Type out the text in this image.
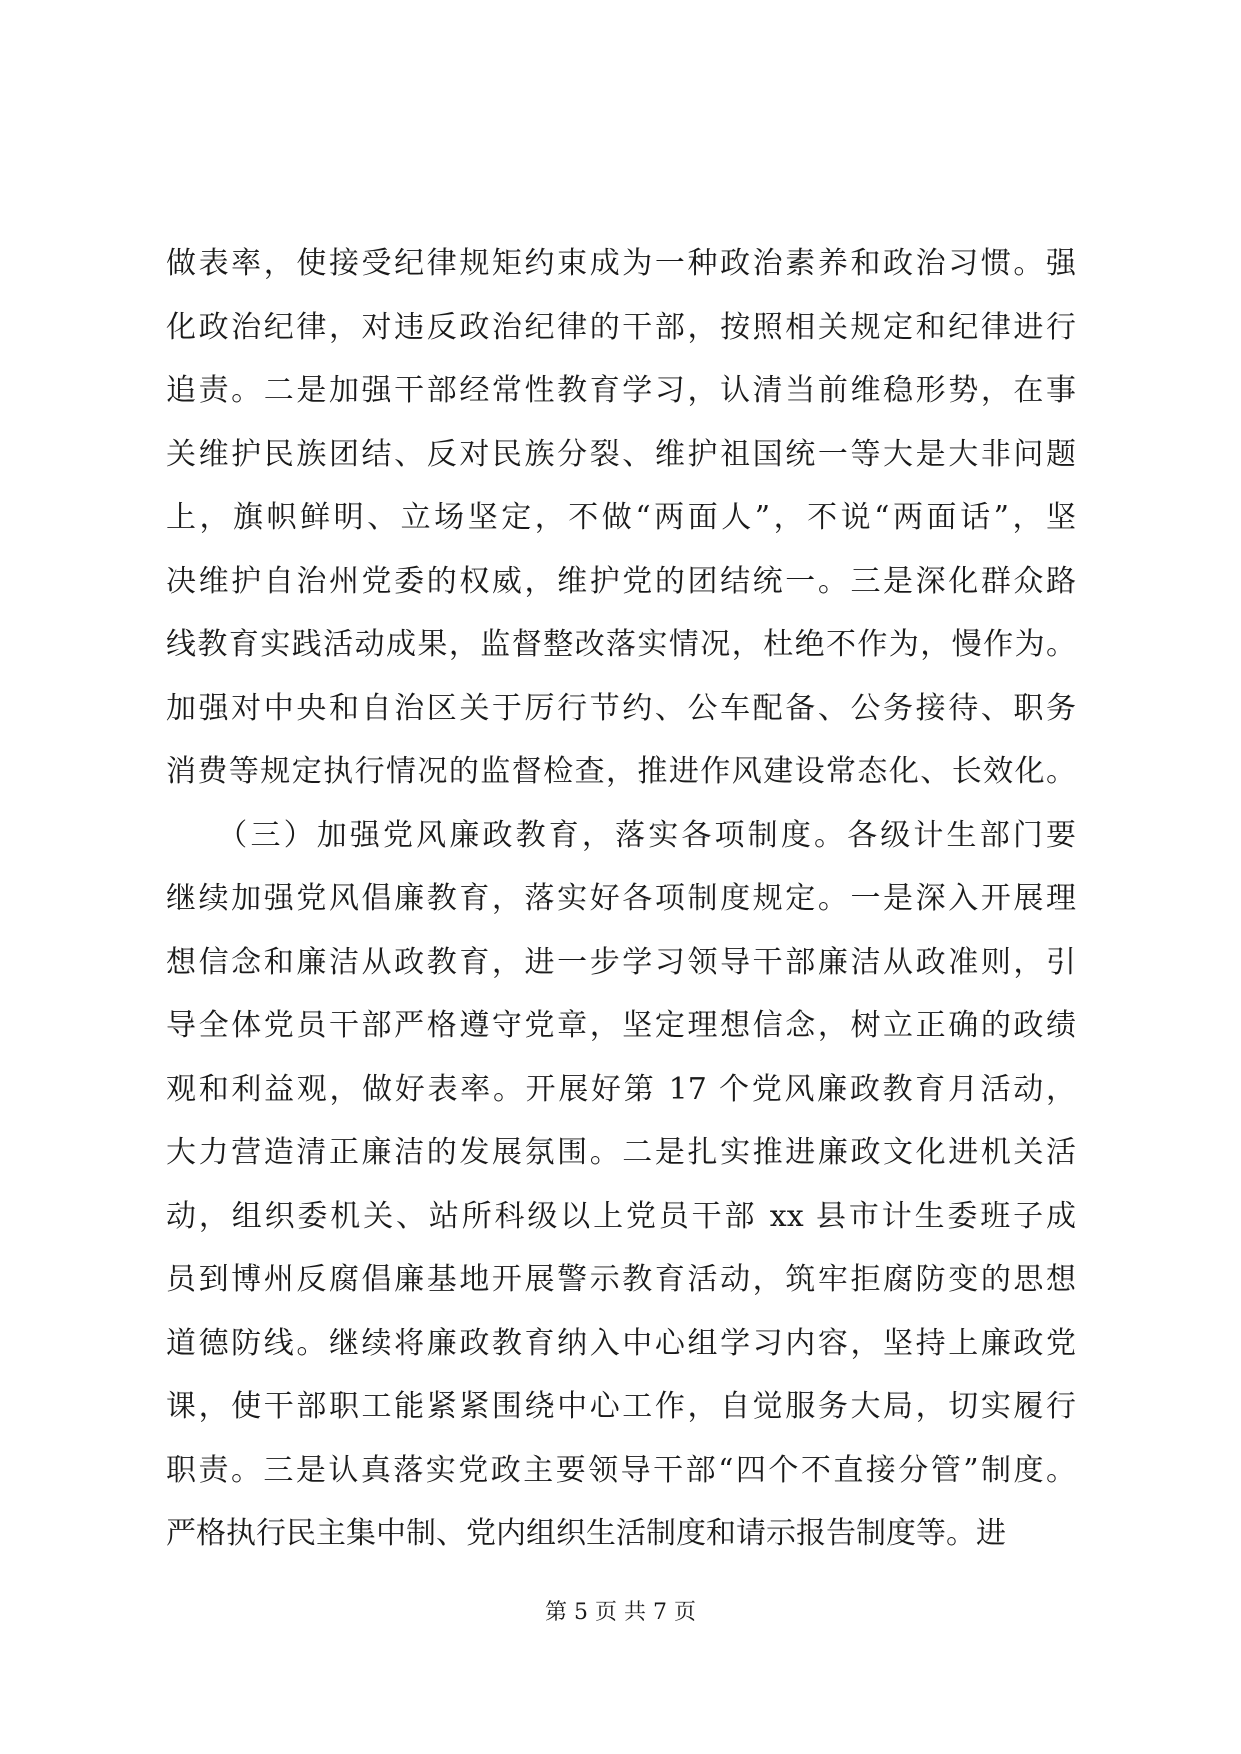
做表率，使接受纪律规矩约束成为一种政治素养和政治习惯。强
化政治纪律，对违反政治纪律的干部，按照相关规定和纪律进行
追责。二是加强干部经常性教育学习，认清当前维稳形势，在事
关维护民族团结、反对民族分裂、维护祖国统一等大是大非问题
上，旗帜鲜明、立场坚定，不做“两面人”，不说“两面话”，坚
决维护自治州党委的权威，维护党的团结统一。三是深化群众路
线教育实践活动成果，监督整改落实情况，杜绝不作为，慢作为。
加强对中央和自治区关于厉行节约、公车配备、公务接待、职务
消费等规定执行情况的监督检查，推进作风建设常态化、长效化。
　　（三）加强党风廉政教育，落实各项制度。各级计生部门要
继续加强党风倡廉教育，落实好各项制度规定。一是深入开展理
想信念和廉洁从政教育，进一步学习领导干部廉洁从政准则，引
导全体党员干部严格遵守党章，坚定理想信念，树立正确的政绩
观和利益观，做好表率。开展好第 17 个党风廉政教育月活动，
大力营造清正廉洁的发展氛围。二是扎实推进廉政文化进机关活
动，组织委机关、站所科级以上党员干部 xx 县市计生委班子成
员到博州反腐倡廉基地开展警示教育活动，筑牢拒腐防变的思想
道德防线。继续将廉政教育纳入中心组学习内容，坚持上廉政党
课，使干部职工能紧紧围绕中心工作，自觉服务大局，切实履行
职责。三是认真落实党政主要领导干部“四个不直接分管”制度。
严格执行民主集中制、党内组织生活制度和请示报告制度等。进
第 5 页 共 7 页
